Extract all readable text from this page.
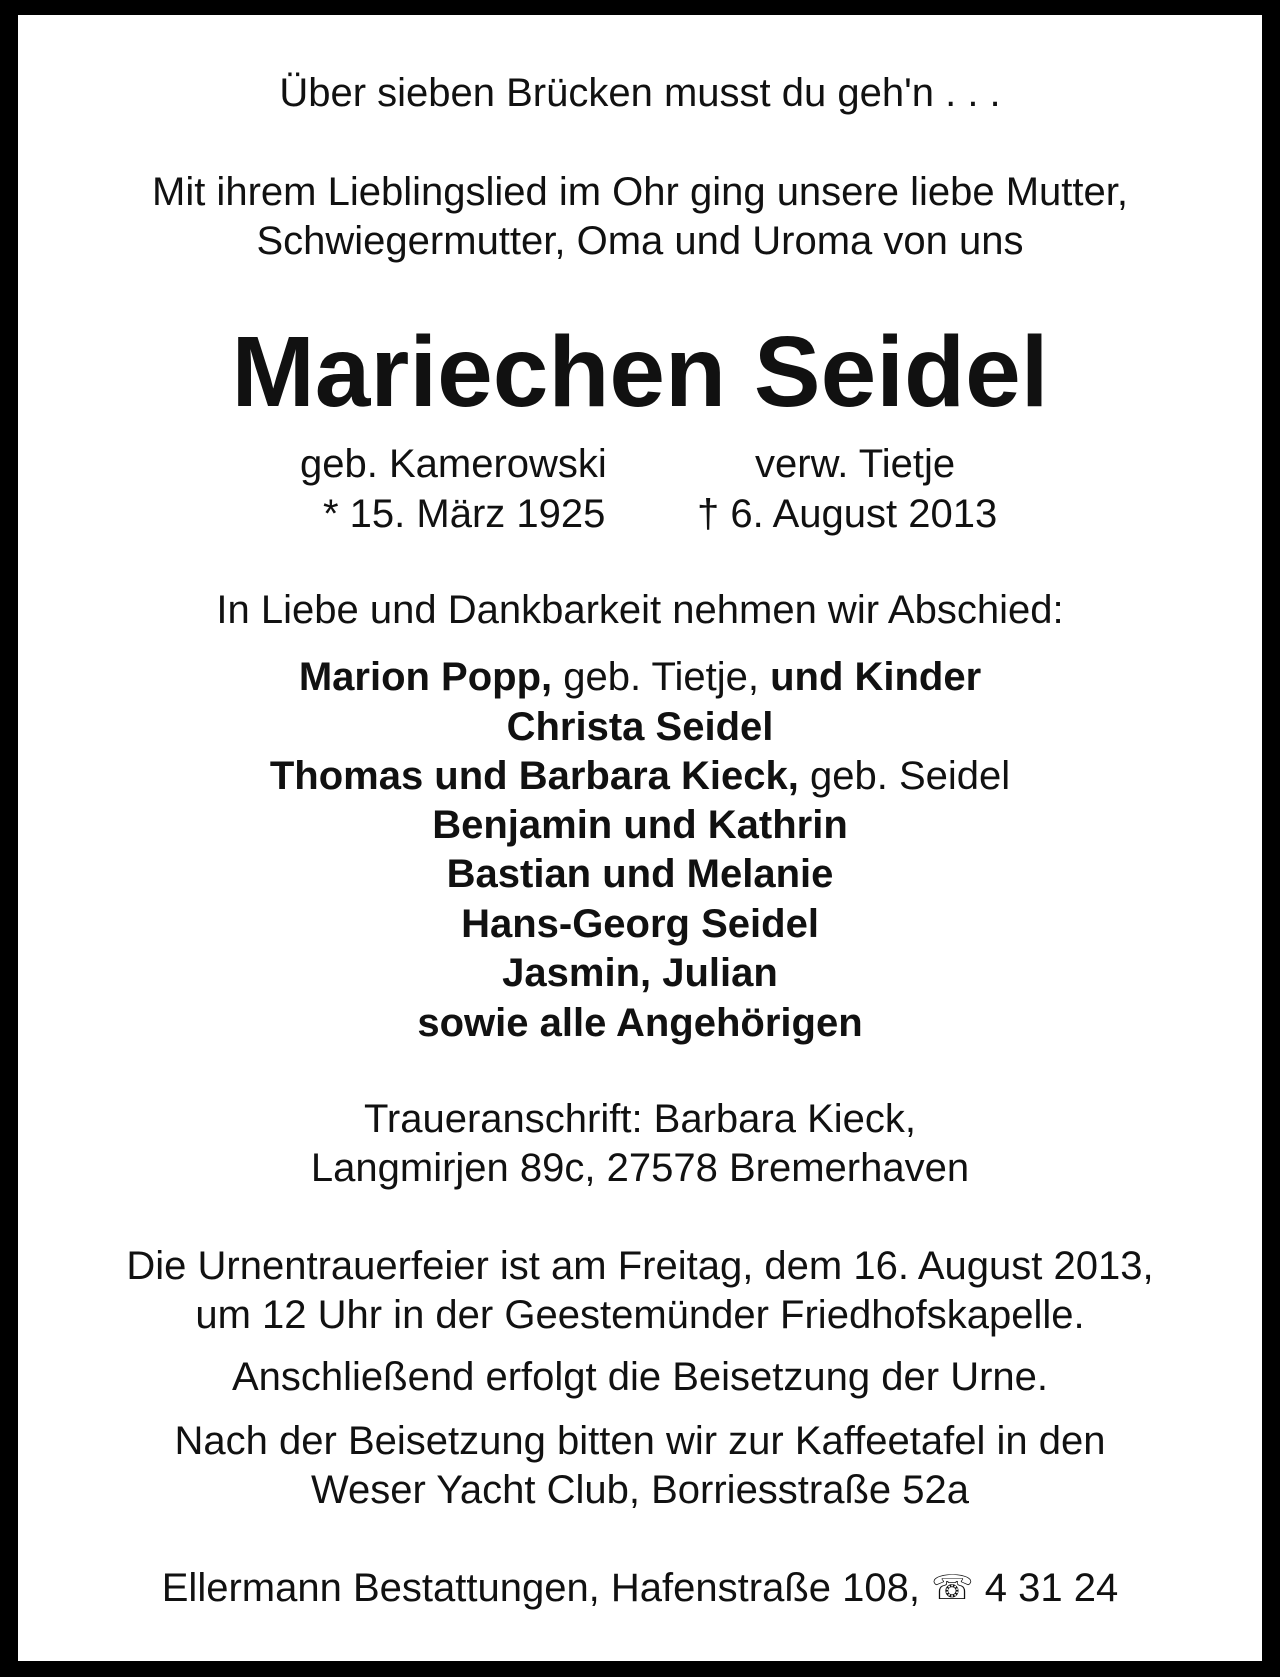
Über sieben Brücken musst du geh'n . . .
Mit ihrem Lieblingslied im Ohr ging unsere liebe Mutter,
Schwiegermutter, Oma und Uroma von uns
Mariechen Seidel
geb. Kamerowski	verw. Tietje
* 15. März 1925 † 6. August 2013
In Liebe und Dankbarkeit nehmen wir Abschied:
Marion Popp, geb. Tietje, und Kinder
Christa Seidel
Thomas und Barbara Kieck, geb. Seidel
Benjamin und Kathrin
Bastian und Melanie
Hans-Georg Seidel
Jasmin, Julian
sowie alle Angehörigen
Traueranschrift: Barbara Kieck,
Langmirjen 89c, 27578 Bremerhaven
Die Urnentrauerfeier ist am Freitag, dem 16. August 2013,
um 12 Uhr in der Geestemünder Friedhofskapelle.
Anschließend erfolgt die Beisetzung der Urne.
Nach der Beisetzung bitten wir zur Kaffeetafel in den
Weser Yacht Club, Borriesstraße 52a
Ellermann Bestattungen, Hafenstraße 108, ☏ 4 31 24
